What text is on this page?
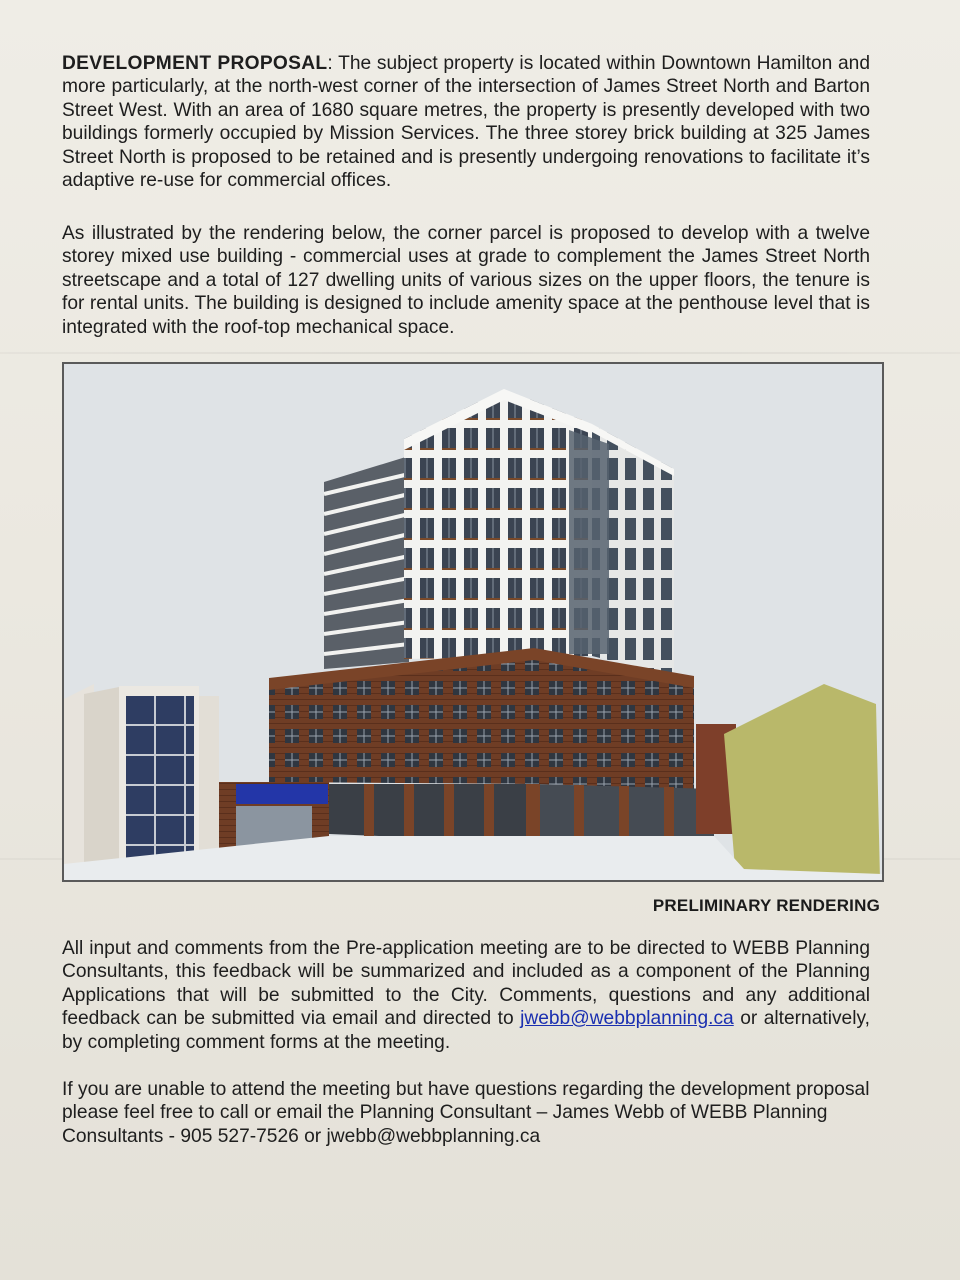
DEVELOPMENT PROPOSAL: The subject property is located within Downtown Hamilton and more particularly, at the north-west corner of the intersection of James Street North and Barton Street West. With an area of 1680 square metres, the property is presently developed with two buildings formerly occupied by Mission Services. The three storey brick building at 325 James Street North is proposed to be retained and is presently undergoing renovations to facilitate it’s adaptive re-use for commercial offices.

As illustrated by the rendering below, the corner parcel is proposed to develop with a twelve storey mixed use building - commercial uses at grade to complement the James Street North streetscape and a total of 127 dwelling units of various sizes on the upper floors, the tenure is for rental units. The building is designed to include amenity space at the penthouse level that is integrated with the roof-top mechanical space.

PRELIMINARY RENDERING

All input and comments from the Pre-application meeting are to be directed to WEBB Planning Consultants, this feedback will be summarized and included as a component of the Planning Applications that will be submitted to the City. Comments, questions and any additional feedback can be submitted via email and directed to jwebb@webbplanning.ca or alternatively, by completing comment forms at the meeting.

If you are unable to attend the meeting but have questions regarding the development proposal please feel free to call or email the Planning Consultant – James Webb of WEBB Planning Consultants - 905 527-7526 or jwebb@webbplanning.ca
